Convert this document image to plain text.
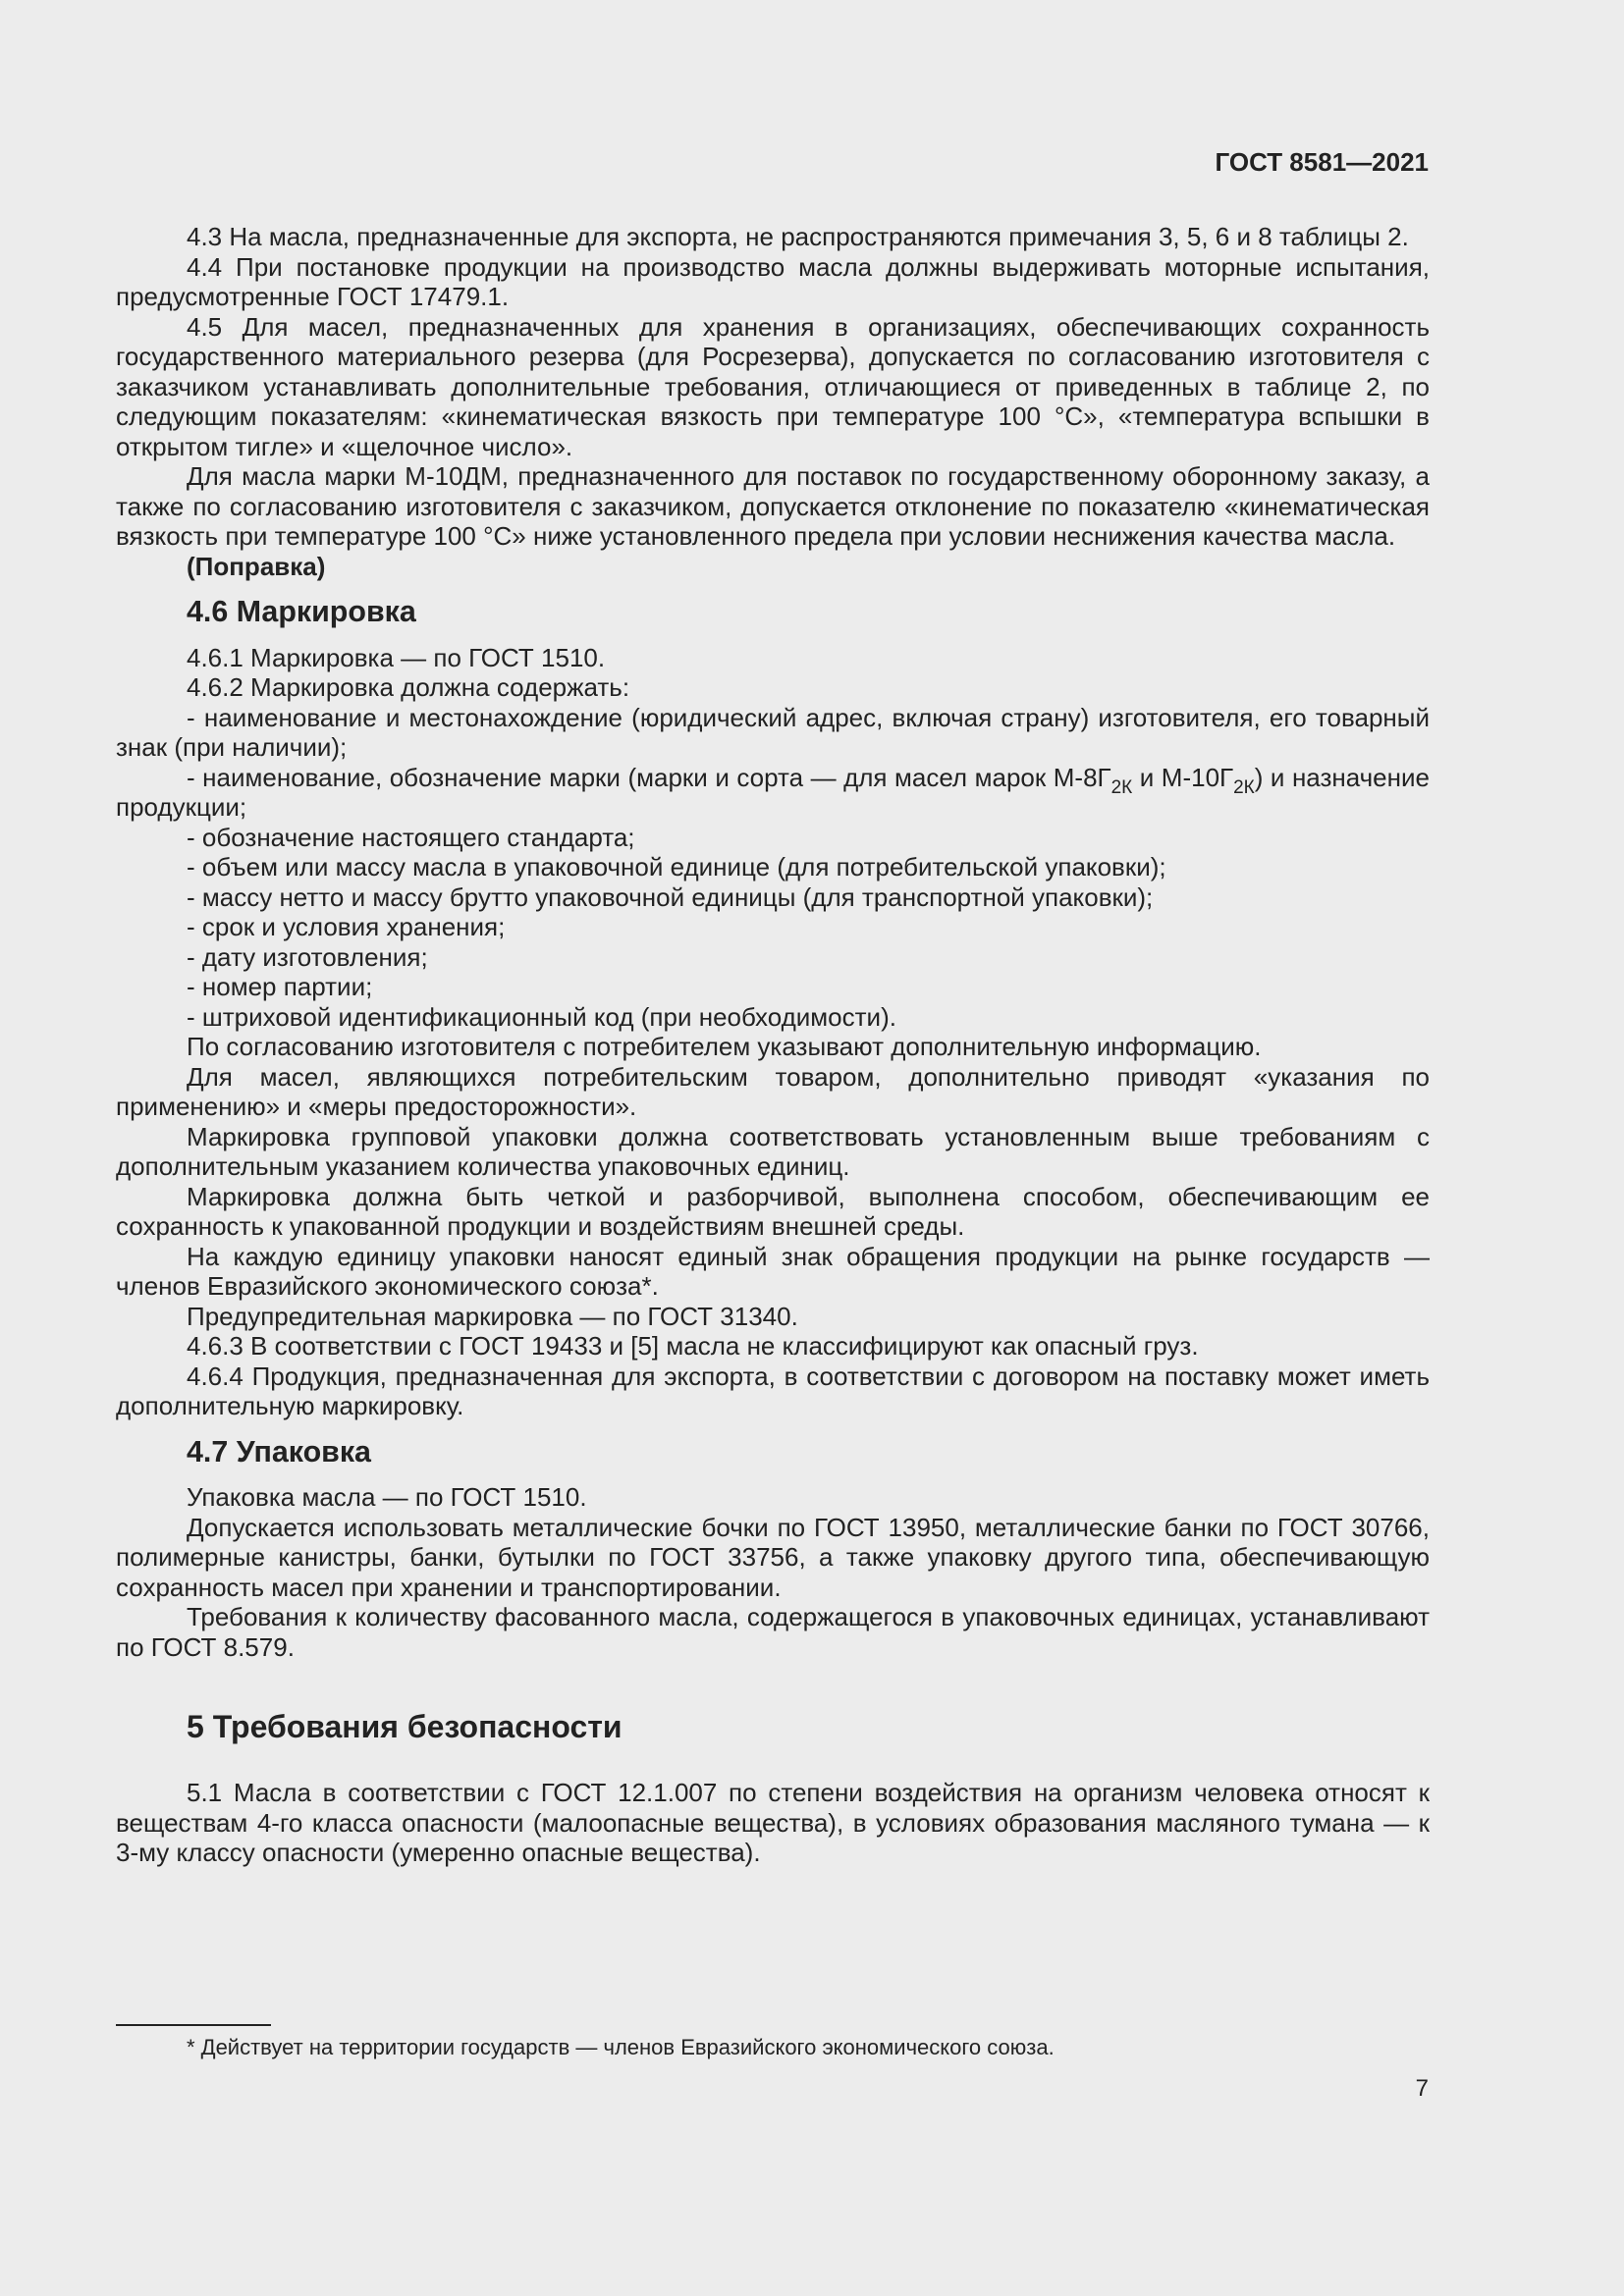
ГОСТ 8581—2021

4.3 На масла, предназначенные для экспорта, не распространяются примечания 3, 5, 6 и 8 таблицы 2.

4.4 При постановке продукции на производство масла должны выдерживать моторные испытания, предусмотренные ГОСТ 17479.1.

4.5 Для масел, предназначенных для хранения в организациях, обеспечивающих сохранность государственного материального резерва (для Росрезерва), допускается по согласованию изготовителя с заказчиком устанавливать дополнительные требования, отличающиеся от приведенных в таблице 2, по следующим показателям: «кинематическая вязкость при температуре 100 °С», «температура вспышки в открытом тигле» и «щелочное число».

Для масла марки М-10ДМ, предназначенного для поставок по государственному оборонному заказу, а также по согласованию изготовителя с заказчиком, допускается отклонение по показателю «кинематическая вязкость при температуре 100 °С» ниже установленного предела при условии неснижения качества масла.

(Поправка)

4.6 Маркировка

4.6.1 Маркировка — по ГОСТ 1510.

4.6.2 Маркировка должна содержать:

- наименование и местонахождение (юридический адрес, включая страну) изготовителя, его товарный знак (при наличии);
- наименование, обозначение марки (марки и сорта — для масел марок $М-8Г_{2К}$ и $М-10Г_{2К}$) и назначение продукции;
- обозначение настоящего стандарта;
- объем или массу масла в упаковочной единице (для потребительской упаковки);
- массу нетто и массу брутто упаковочной единицы (для транспортной упаковки);
- срок и условия хранения;
- дату изготовления;
- номер партии;
- штриховой идентификационный код (при необходимости).

По согласованию изготовителя с потребителем указывают дополнительную информацию.

Для масел, являющихся потребительским товаром, дополнительно приводят «указания по применению» и «меры предосторожности».

Маркировка групповой упаковки должна соответствовать установленным выше требованиям с дополнительным указанием количества упаковочных единиц.

Маркировка должна быть четкой и разборчивой, выполнена способом, обеспечивающим ее сохранность к упакованной продукции и воздействиям внешней среды.

На каждую единицу упаковки наносят единый знак обращения продукции на рынке государств — членов Евразийского экономического союза*.

Предупредительная маркировка — по ГОСТ 31340.

4.6.3 В соответствии с ГОСТ 19433 и [5] масла не классифицируют как опасный груз.

4.6.4 Продукция, предназначенная для экспорта, в соответствии с договором на поставку может иметь дополнительную маркировку.

4.7 Упаковка

Упаковка масла — по ГОСТ 1510.

Допускается использовать металлические бочки по ГОСТ 13950, металлические банки по ГОСТ 30766, полимерные канистры, банки, бутылки по ГОСТ 33756, а также упаковку другого типа, обеспечивающую сохранность масел при хранении и транспортировании.

Требования к количеству фасованного масла, содержащегося в упаковочных единицах, устанавливают по ГОСТ 8.579.

5 Требования безопасности

5.1 Масла в соответствии с ГОСТ 12.1.007 по степени воздействия на организм человека относят к веществам 4-го класса опасности (малоопасные вещества), в условиях образования масляного тумана — к 3-му классу опасности (умеренно опасные вещества).

* Действует на территории государств — членов Евразийского экономического союза.
7
